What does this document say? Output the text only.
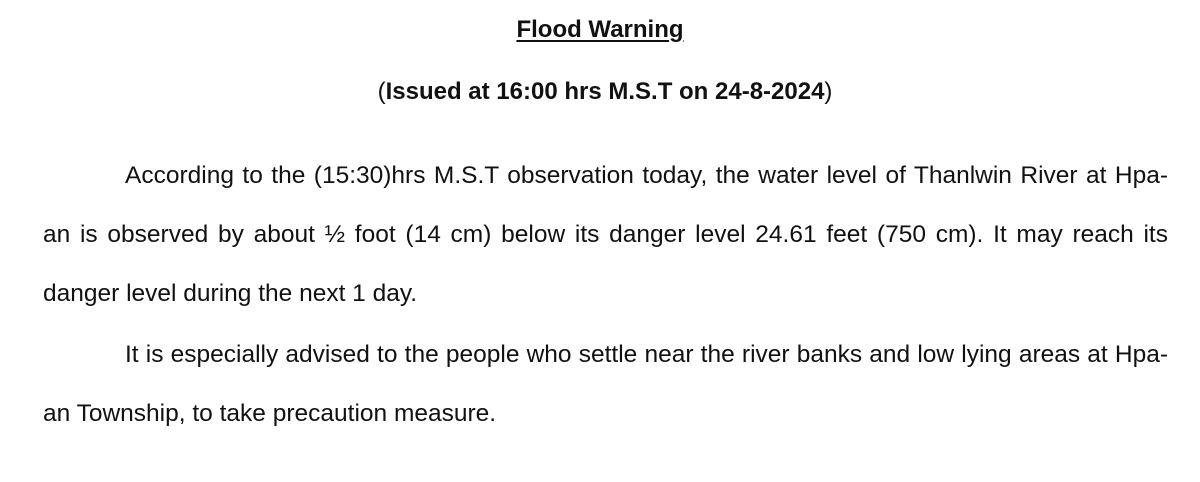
Flood Warning

(Issued at 16:00 hrs M.S.T on 24-8-2024)

According to the (15:30)hrs M.S.T observation today, the water level of Thanlwin River at Hpa-an is observed by about ½ foot (14 cm) below its danger level 24.61 feet (750 cm). It may reach its danger level during the next 1 day.

It is especially advised to the people who settle near the river banks and low lying areas at Hpa-an Township, to take precaution measure.
